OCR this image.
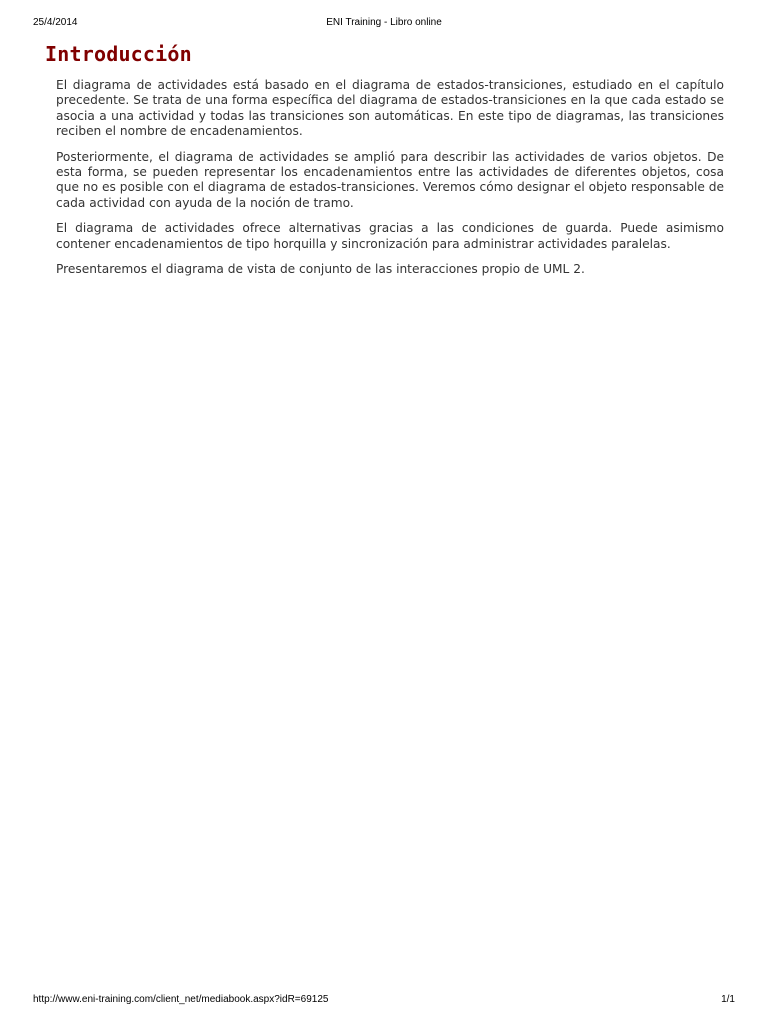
25/4/2014	ENI Training - Libro online
Introducción

El diagrama de actividades está basado en el diagrama de estados-transiciones, estudiado en el capítulo precedente. Se trata de una forma específica del diagrama de estados-transiciones en la que cada estado se asocia a una actividad y todas las transiciones son automáticas. En este tipo de diagramas, las transiciones reciben el nombre de encadenamientos.

Posteriormente, el diagrama de actividades se amplió para describir las actividades de varios objetos. De esta forma, se pueden representar los encadenamientos entre las actividades de diferentes objetos, cosa que no es posible con el diagrama de estados-transiciones. Veremos cómo designar el objeto responsable de cada actividad con ayuda de la noción de tramo.

El diagrama de actividades ofrece alternativas gracias a las condiciones de guarda. Puede asimismo contener encadenamientos de tipo horquilla y sincronización para administrar actividades paralelas.

Presentaremos el diagrama de vista de conjunto de las interacciones propio de UML 2.

http://www.eni-training.com/client_net/mediabook.aspx?idR=69125	1/1
